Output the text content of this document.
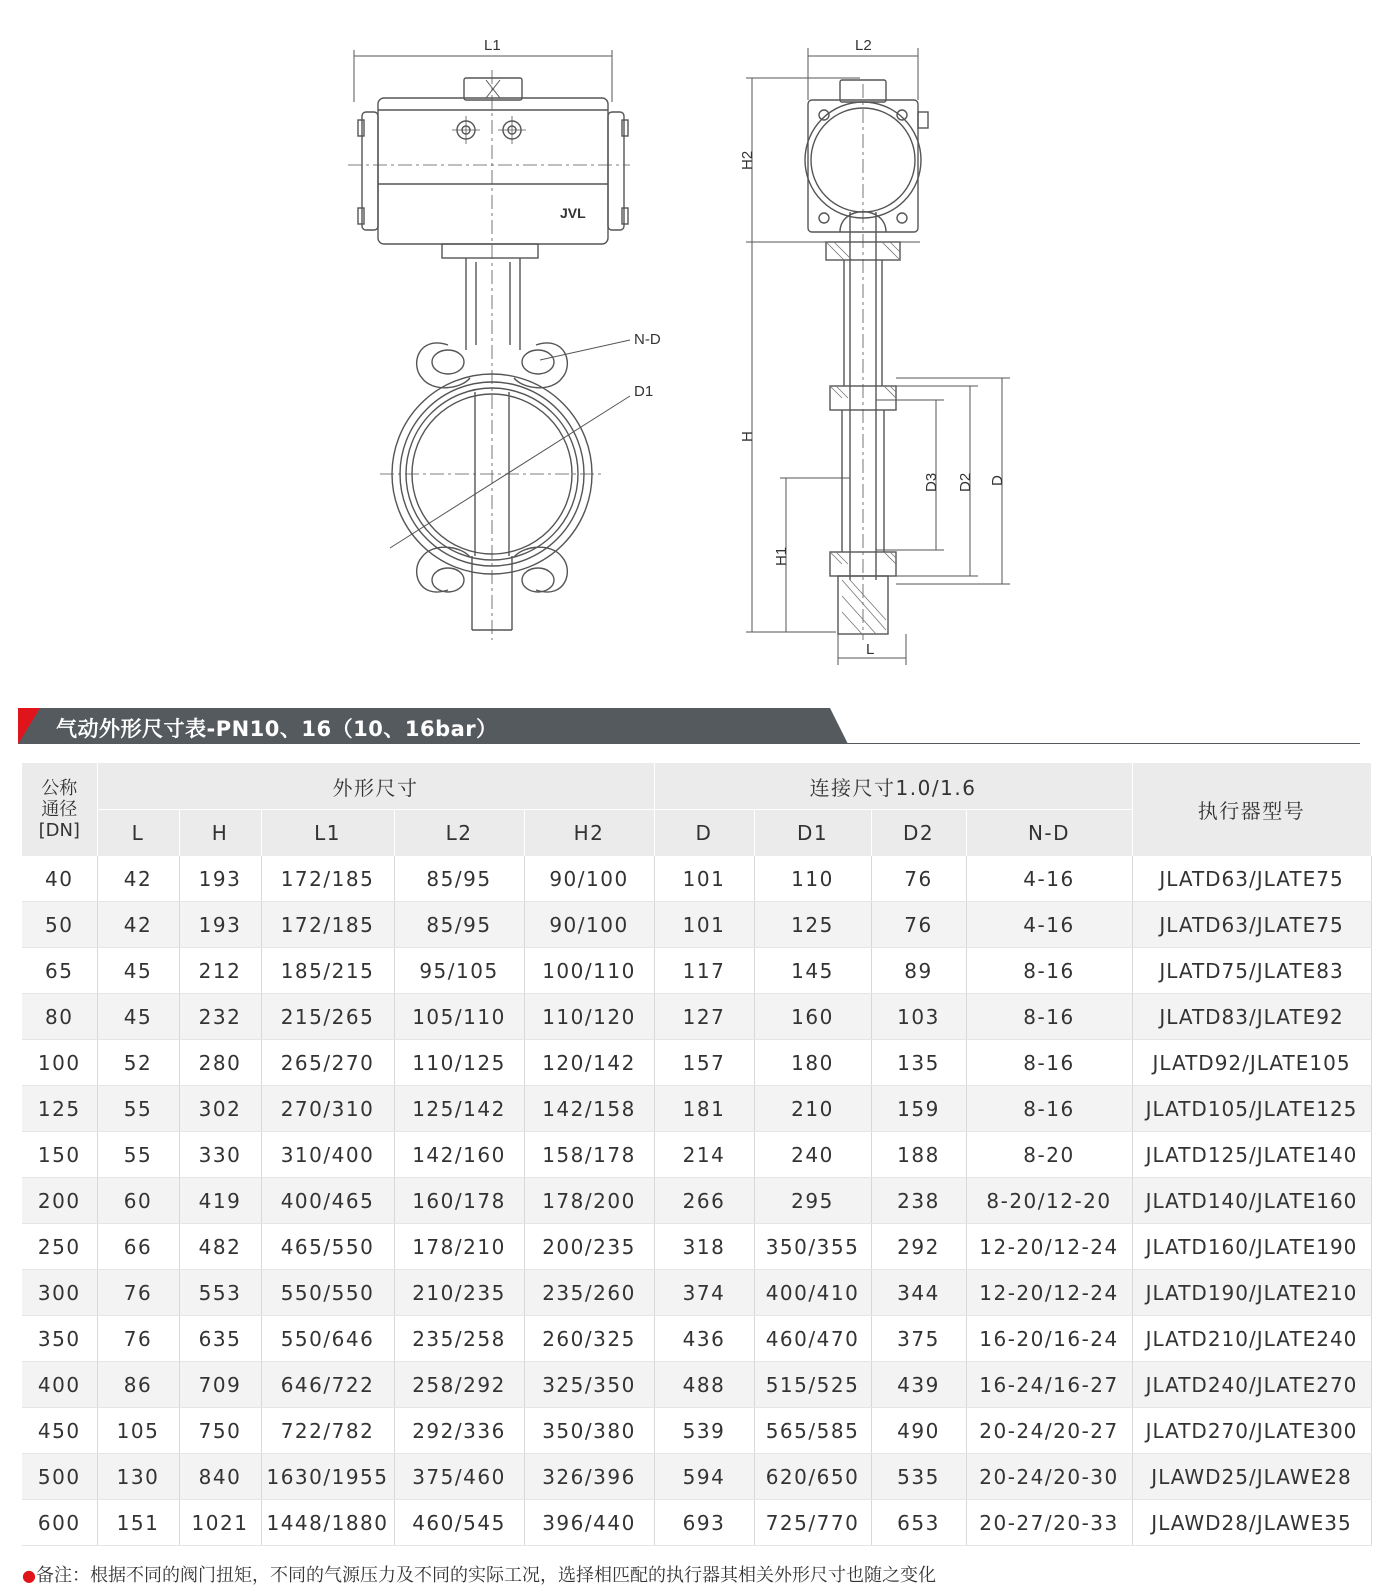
L1
N-D
D1
JVL
L2
H2
H
H1
D3 D2 D
L
气动外形尺寸表-PN10、16（10、16bar）
公称
通径
[DN]	外形尺寸					连接尺寸1.0/1.6				执行器型号
	L	H	L1	L2	H2	D	D1	D2	N-D	
40	42	193	172/185	85/95	90/100	101	110	76	4-16	JLATD63/JLATE75
50	42	193	172/185	85/95	90/100	101	125	76	4-16	JLATD63/JLATE75
65	45	212	185/215	95/105	100/110	117	145	89	8-16	JLATD75/JLATE83
80	45	232	215/265	105/110	110/120	127	160	103	8-16	JLATD83/JLATE92
100	52	280	265/270	110/125	120/142	157	180	135	8-16	JLATD92/JLATE105
125	55	302	270/310	125/142	142/158	181	210	159	8-16	JLATD105/JLATE125
150	55	330	310/400	142/160	158/178	214	240	188	8-20	JLATD125/JLATE140
200	60	419	400/465	160/178	178/200	266	295	238	8-20/12-20	JLATD140/JLATE160
250	66	482	465/550	178/210	200/235	318	350/355	292	12-20/12-24	JLATD160/JLATE190
300	76	553	550/550	210/235	235/260	374	400/410	344	12-20/12-24	JLATD190/JLATE210
350	76	635	550/646	235/258	260/325	436	460/470	375	16-20/16-24	JLATD210/JLATE240
400	86	709	646/722	258/292	325/350	488	515/525	439	16-24/16-27	JLATD240/JLATE270
450	105	750	722/782	292/336	350/380	539	565/585	490	20-24/20-27	JLATD270/JLATE300
500	130	840	1630/1955	375/460	326/396	594	620/650	535	20-24/20-30	JLAWD25/JLAWE28
600	151	1021	1448/1880	460/545	396/440	693	725/770	653	20-27/20-33	JLAWD28/JLAWE35
●备注：根据不同的阀门扭矩，不同的气源压力及不同的实际工况，选择相匹配的执行器其相关外形尺寸也随之变化
